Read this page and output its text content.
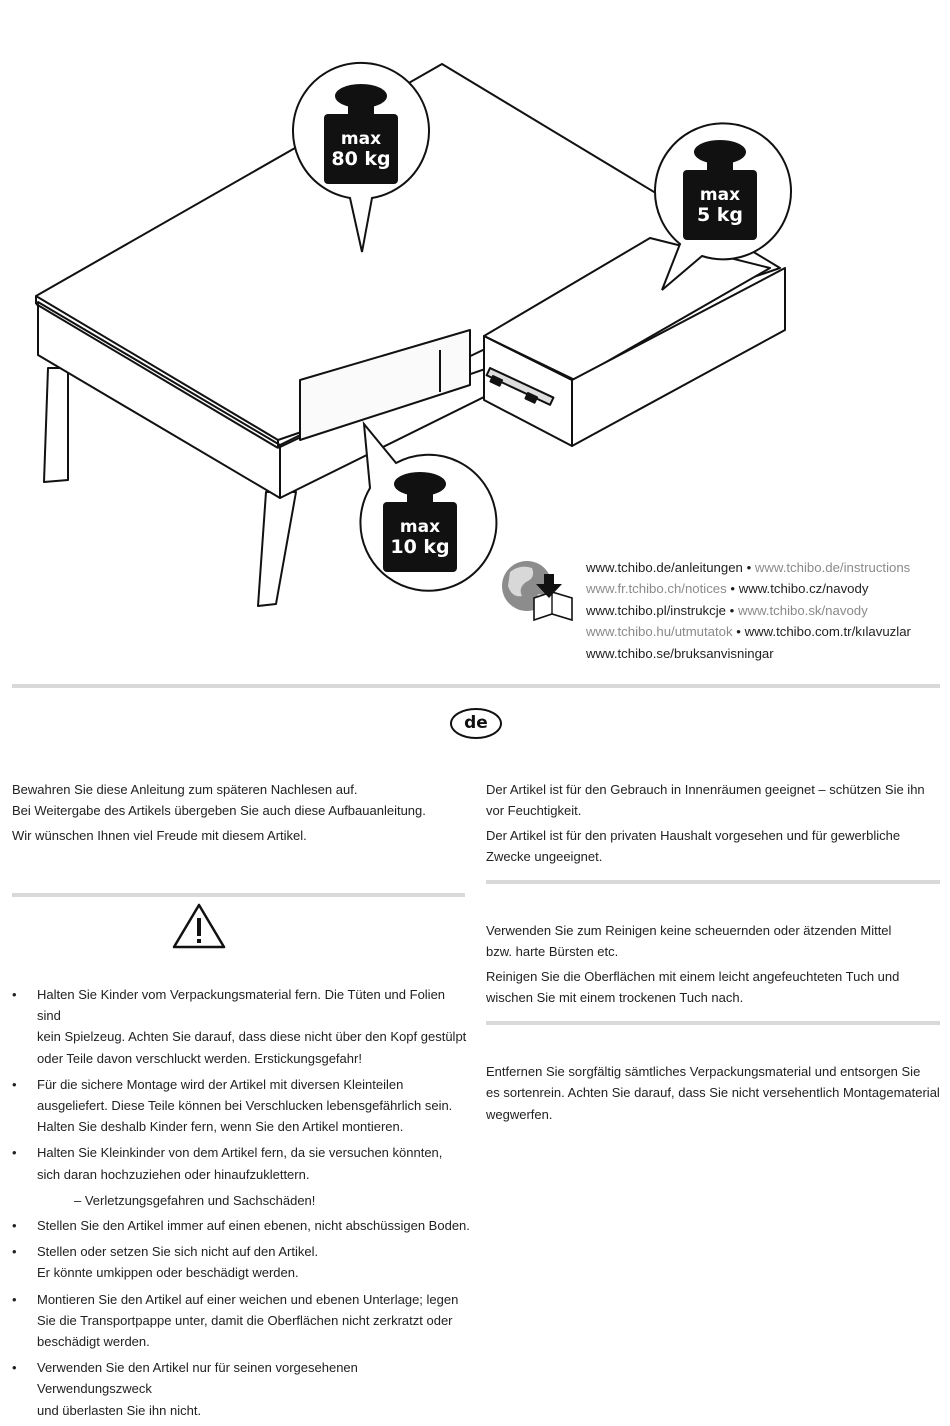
max
80 kg
max
5 kg
max
10 kg
www.tchibo.de/anleitungen • www.tchibo.de/instructions
www.fr.tchibo.ch/notices • www.tchibo.cz/navody
www.tchibo.pl/instrukcje • www.tchibo.sk/navody
www.tchibo.hu/utmutatok • www.tchibo.com.tr/kılavuzlar
www.tchibo.se/bruksanvisningar
de

Bewahren Sie diese Anleitung zum späteren Nachlesen auf.
Bei Weitergabe des Artikels übergeben Sie auch diese Aufbauanleitung.

Wir wünschen Ihnen viel Freude mit diesem Artikel.

Der Artikel ist für den Gebrauch in Innenräumen geeignet – schützen Sie ihn
vor Feuchtigkeit.

Der Artikel ist für den privaten Haushalt vorgesehen und für gewerbliche
Zwecke ungeeignet.

Verwenden Sie zum Reinigen keine scheuernden oder ätzenden Mittel
bzw. harte Bürsten etc.

Reinigen Sie die Oberflächen mit einem leicht angefeuchteten Tuch und
wischen Sie mit einem trockenen Tuch nach.

Entfernen Sie sorgfältig sämtliches Verpackungsmaterial und entsorgen Sie
es sortenrein. Achten Sie darauf, dass Sie nicht versehentlich Montagematerial
wegwerfen.

• Halten Sie Kinder vom Verpackungsmaterial fern. Die Tüten und Folien sind
kein Spielzeug. Achten Sie darauf, dass diese nicht über den Kopf gestülpt
oder Teile davon verschluckt werden. Erstickungsgefahr!
• Für die sichere Montage wird der Artikel mit diversen Kleinteilen
ausgeliefert. Diese Teile können bei Verschlucken lebensgefährlich sein.
Halten Sie deshalb Kinder fern, wenn Sie den Artikel montieren.
• Halten Sie Kleinkinder von dem Artikel fern, da sie versuchen könnten,
sich daran hochzuziehen oder hinaufzuklettern.
– Verletzungsgefahren und Sachschäden!
• Stellen Sie den Artikel immer auf einen ebenen, nicht abschüssigen Boden.
• Stellen oder setzen Sie sich nicht auf den Artikel.
Er könnte umkippen oder beschädigt werden.
• Montieren Sie den Artikel auf einer weichen und ebenen Unterlage; legen
Sie die Transportpappe unter, damit die Oberflächen nicht zerkratzt oder
beschädigt werden.
• Verwenden Sie den Artikel nur für seinen vorgesehenen Verwendungszweck
und überlasten Sie ihn nicht.
